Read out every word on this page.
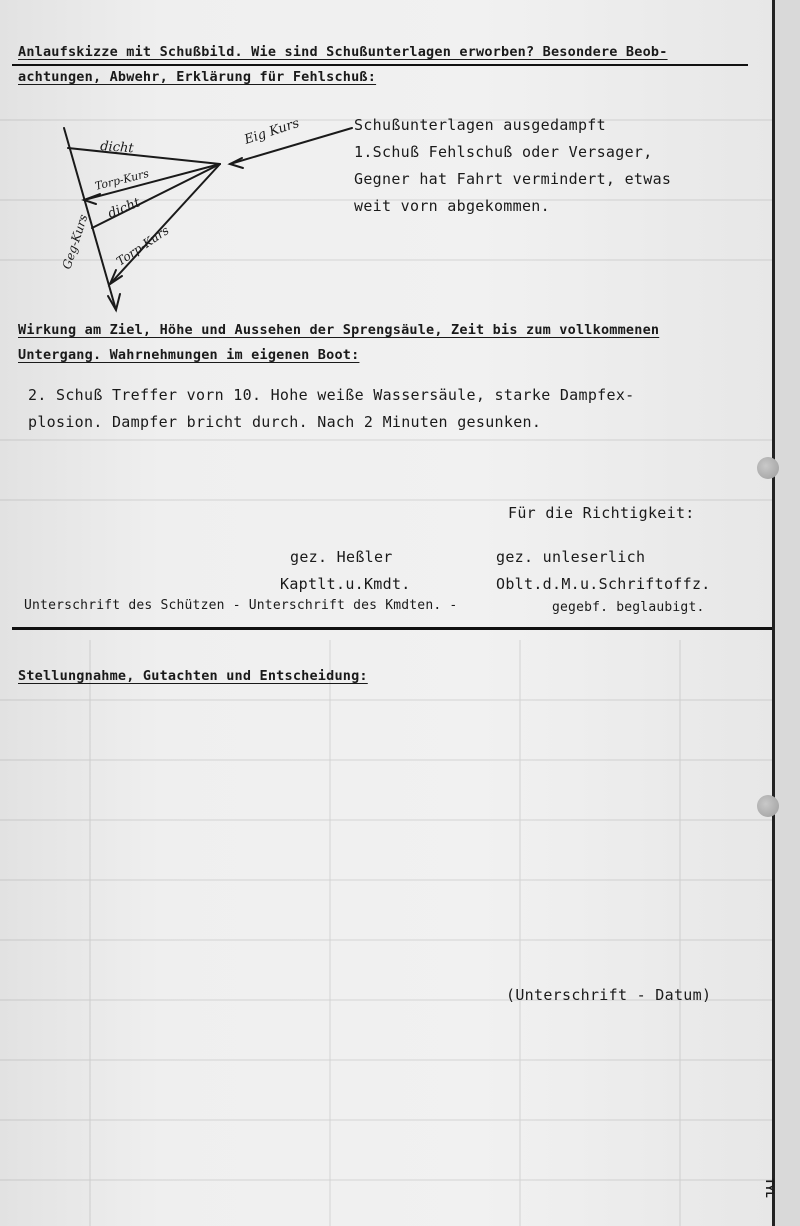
Anlaufskizze mit Schußbild. Wie sind Schußunterlagen erworben? Besondere Beob-
achtungen, Abwehr, Erklärung für Fehlschuß:
Eig Kurs
dicht
Torp-Kurs
dicht
Torp-Kurs
Geg-Kurs
Schußunterlagen ausgedampft
1.Schuß Fehlschuß oder Versager,
Gegner hat Fahrt vermindert, etwas
weit vorn abgekommen.
Wirkung am Ziel, Höhe und Aussehen der Sprengsäule, Zeit bis zum vollkommenen
Untergang. Wahrnehmungen im eigenen Boot:
2. Schuß Treffer vorn 10. Hohe weiße Wassersäule, starke Dampfex-
plosion. Dampfer bricht durch. Nach 2 Minuten gesunken.
Für die Richtigkeit:
gez. Heßler	gez. unleserlich
Kaptlt.u.Kmdt.	Oblt.d.M.u.Schriftoffz.
Unterschrift des Schützen - Unterschrift des Kmdten. -	gegebf. beglaubigt.
Stellungnahme, Gutachten und Entscheidung:
(Unterschrift - Datum)
TYL
